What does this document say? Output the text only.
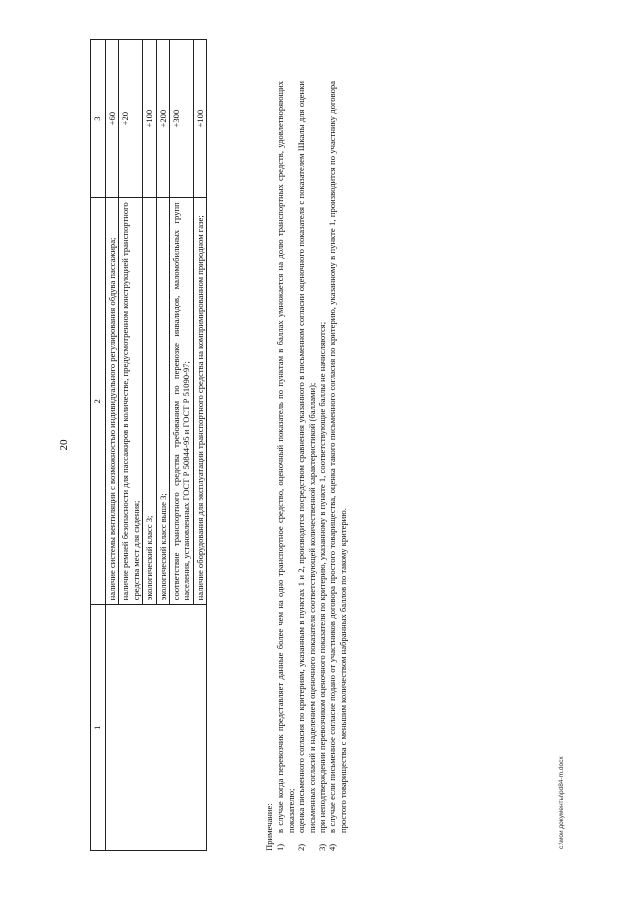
20
1	2	3
	наличие системы вентиляции с возможностью индивидуального регулирования обдува пассажира;	+60
	наличие ремней безопасности для пассажиров в количестве, предусмотренном конструкцией транспортного средства мест для сидения;	+20
	экологический класс 3;	+100
	экологический класс выше 3;	+200
	соответствие транспортного средства требованиям по перевозке инвалидов, маломобильных групп населения, установленных ГОСТ Р 50844-95 и ГОСТ Р 51090-97;	+300
	наличие оборудования для эксплуатации транспортного средства на компримированном природном газе;	+100
Примечание: 1)
в случае когда перевозчик представляет данные более чем на одно транспортное средство, оценочный показатель по пунктам в баллах умножается на долю транспортных средств, удовлетворяющих показателю;
2)
оценка письменного согласия по критериям, указанным в пунктах 1 и 2, производится посредством сравнения указанного в письменном согласии оценочного показателя с показателем Шкалы для оценки письменных согласий и наделением оценочного показателя соответствующей количественной характеристикой (баллами);
3)
при неподтверждении перевозчиком оценочного показателя по критерию, указанному в пункте 1, соответствующие баллы не начисляются;
4)
в случае если письменное согласие подано от участников договора простого товарищества, оценка такого письменного согласия по критерию, указанному в пункте 1, производится по участнику договора простого товарищества с меньшим количеством набранных баллов по такому критерию.	c:\мои документы\pd84-m.docx
